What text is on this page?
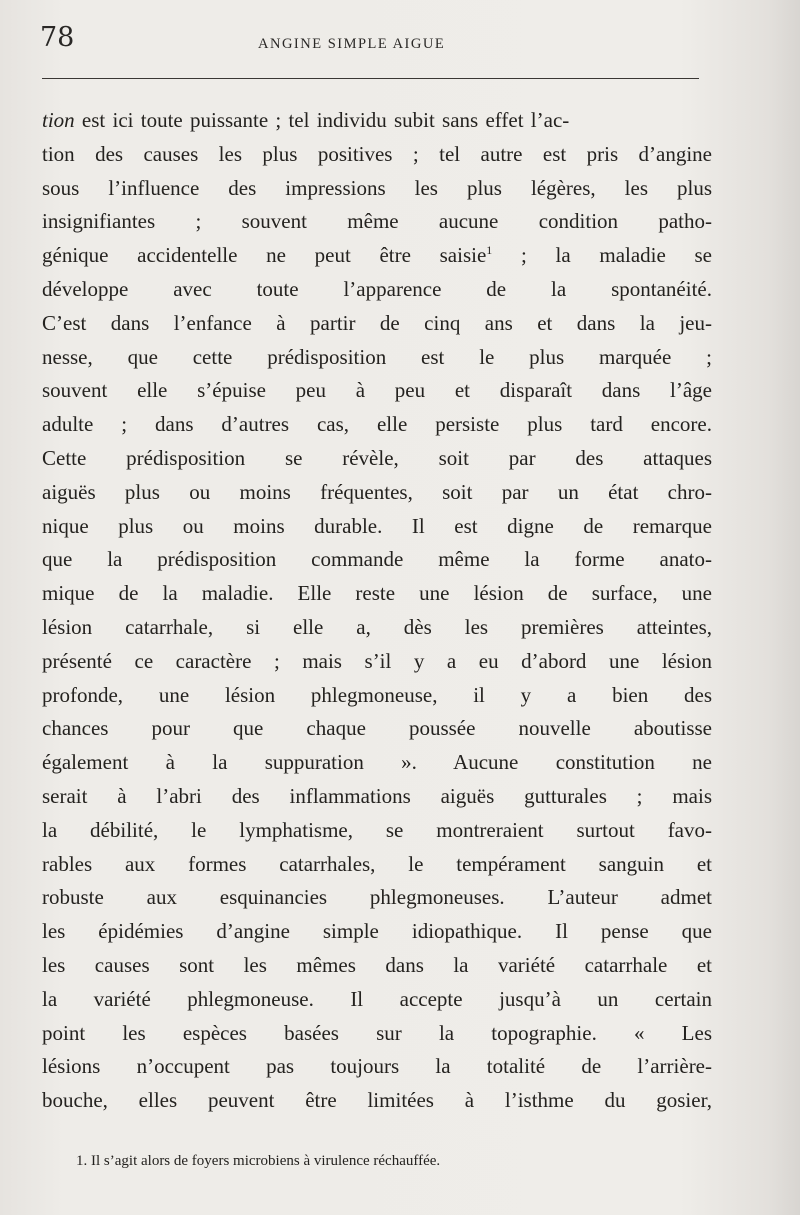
78	ANGINE SIMPLE AIGUE
tion est ici toute puissante ; tel individu subit sans effet l’ac-
tion des causes les plus positives ; tel autre est pris d’angine
sous l’influence des impressions les plus légères, les plus
insignifiantes ; souvent même aucune condition patho-
génique accidentelle ne peut être saisie$^1$ ; la maladie se
développe avec toute l’apparence de la spontanéité.
C’est dans l’enfance à partir de cinq ans et dans la jeu-
nesse, que cette prédisposition est le plus marquée ;
souvent elle s’épuise peu à peu et disparaît dans l’âge
adulte ; dans d’autres cas, elle persiste plus tard encore.
Cette prédisposition se révèle, soit par des attaques
aiguës plus ou moins fréquentes, soit par un état chro-
nique plus ou moins durable. Il est digne de remarque
que la prédisposition commande même la forme anato-
mique de la maladie. Elle reste une lésion de surface, une
lésion catarrhale, si elle a, dès les premières atteintes,
présenté ce caractère ; mais s’il y a eu d’abord une lésion
profonde, une lésion phlegmoneuse, il y a bien des
chances pour que chaque poussée nouvelle aboutisse
également à la suppuration ». Aucune constitution ne
serait à l’abri des inflammations aiguës gutturales ; mais
la débilité, le lymphatisme, se montreraient surtout favo-
rables aux formes catarrhales, le tempérament sanguin et
robuste aux esquinancies phlegmoneuses. L’auteur admet
les épidémies d’angine simple idiopathique. Il pense que
les causes sont les mêmes dans la variété catarrhale et
la variété phlegmoneuse. Il accepte jusqu’à un certain
point les espèces basées sur la topographie. « Les
lésions n’occupent pas toujours la totalité de l’arrière-
bouche, elles peuvent être limitées à l’isthme du gosier,
1. Il s’agit alors de foyers microbiens à virulence réchauffée.
